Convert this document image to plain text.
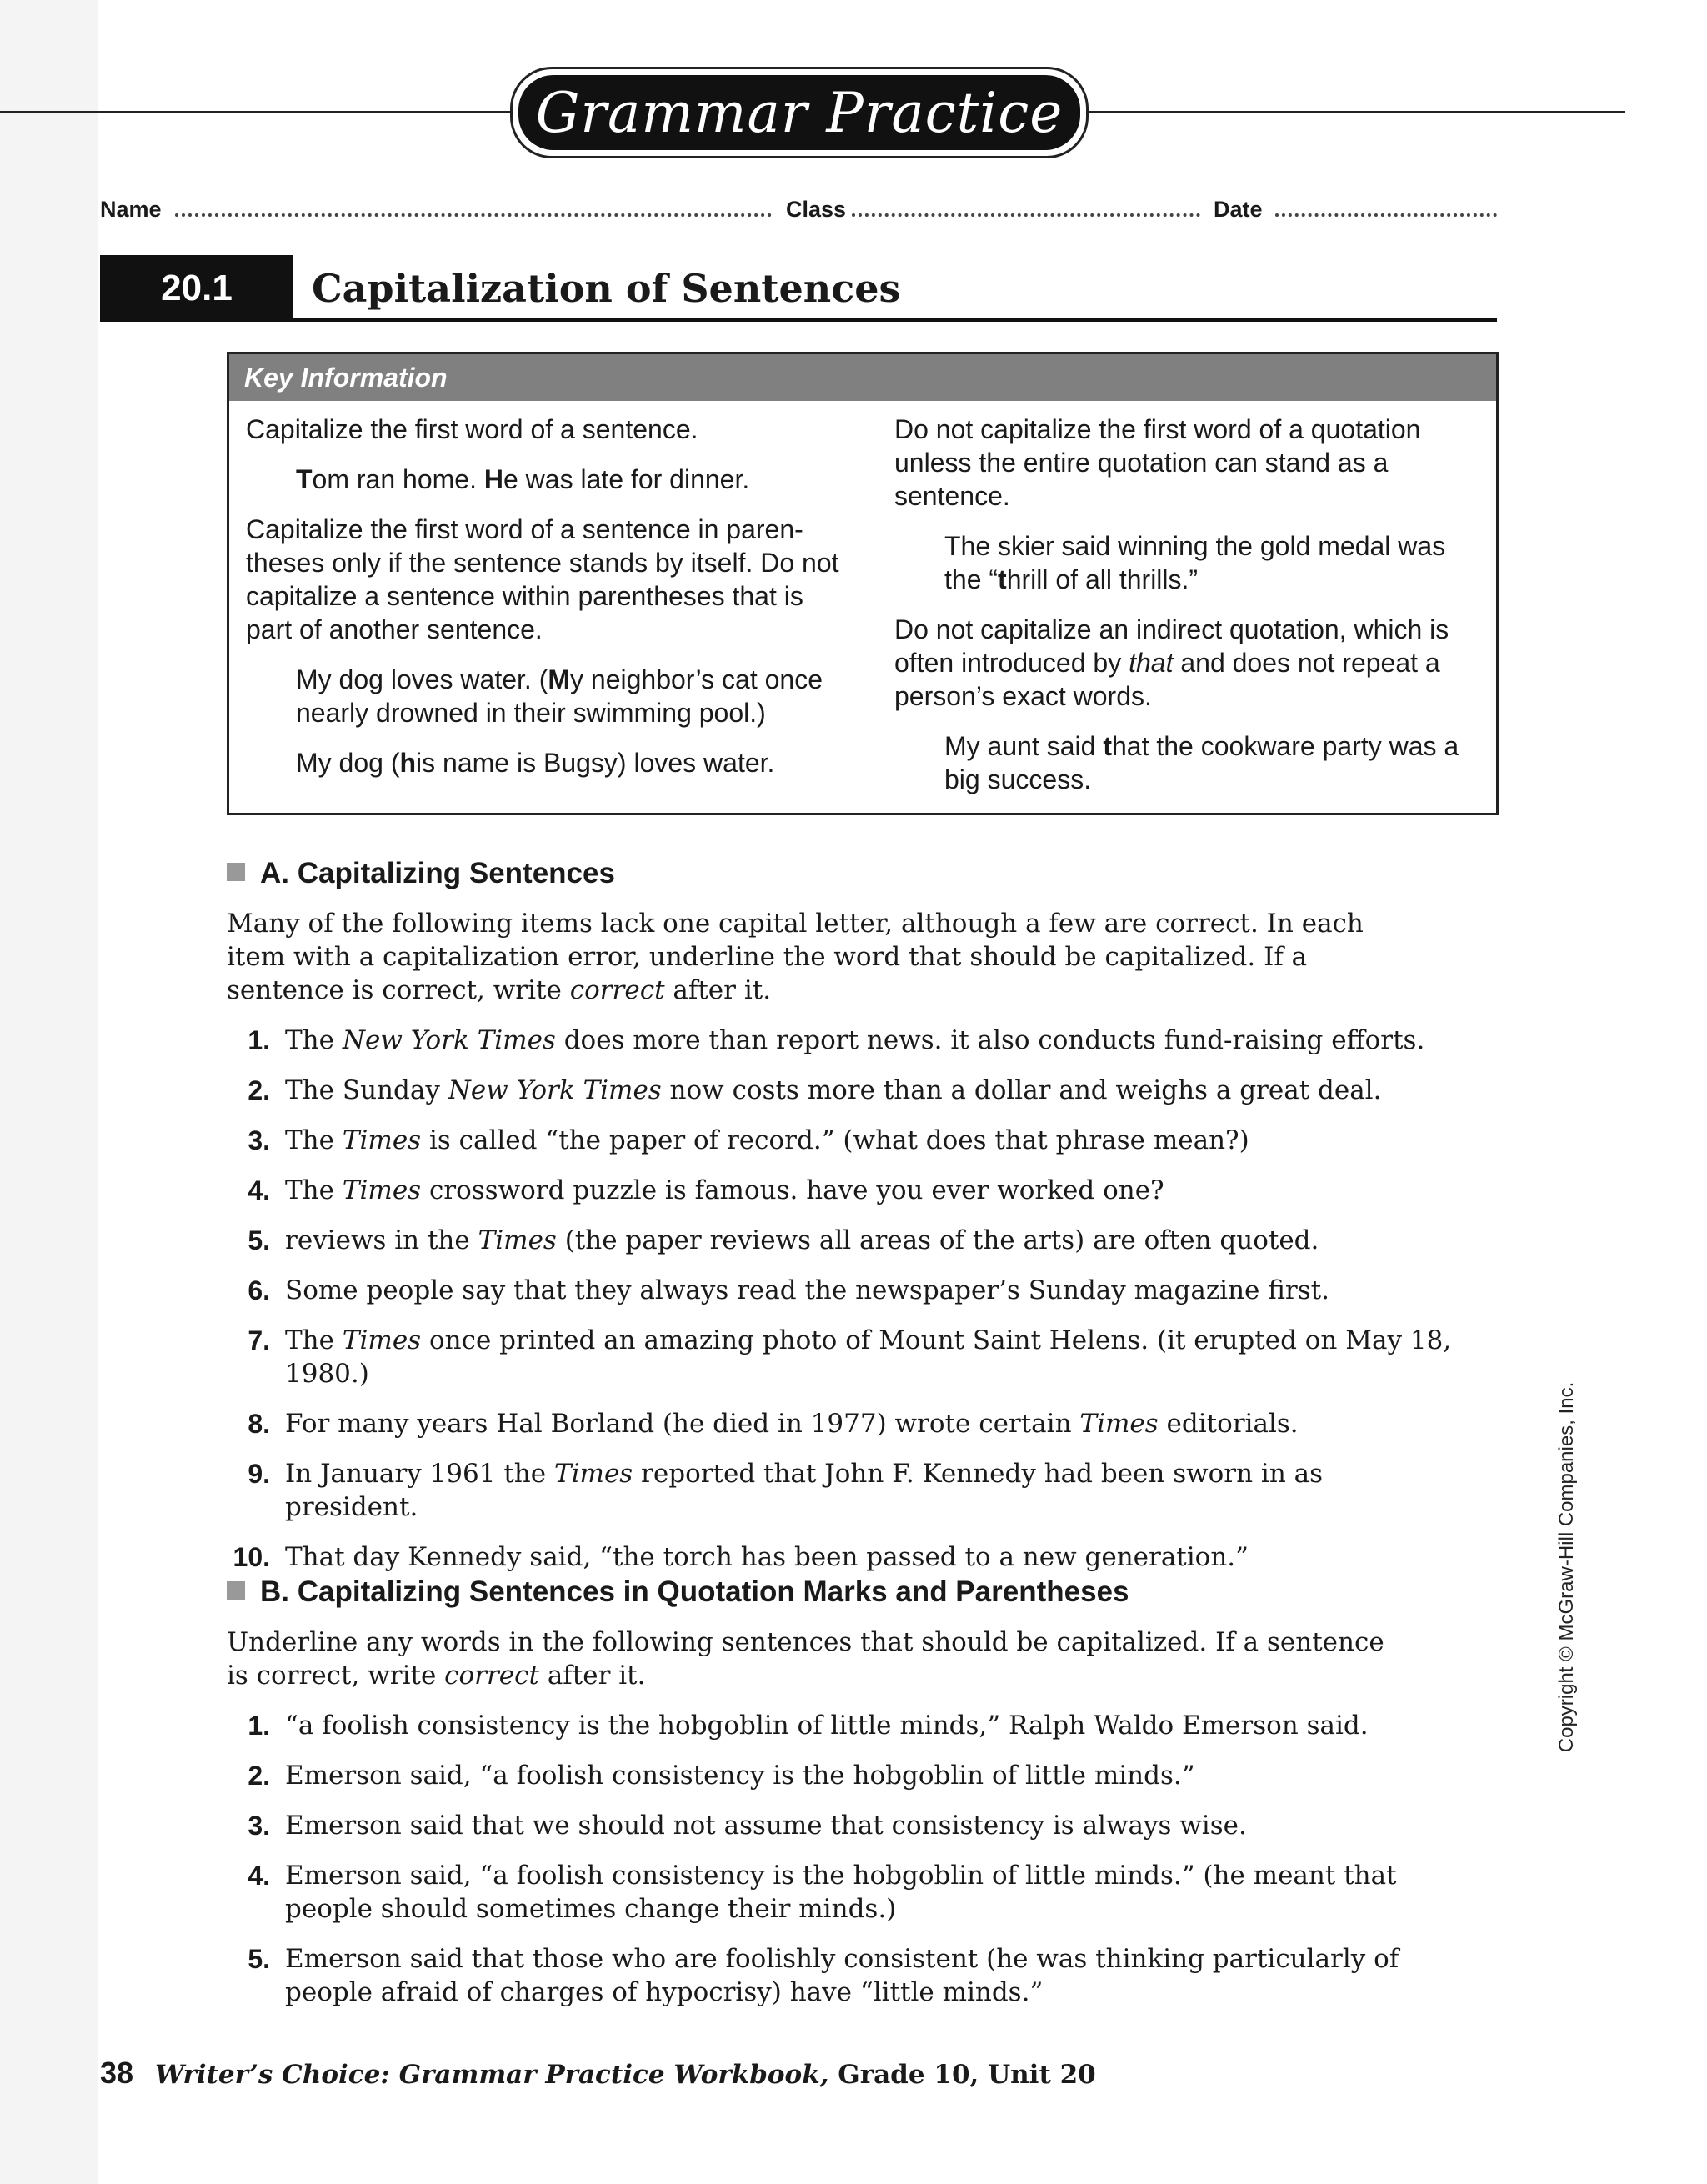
Grammar Practice
Name	Class	Date
20.1	Capitalization of Sentences
Key Information

Capitalize the first word of a sentence.

Tom ran home. He was late for dinner.

Capitalize the first word of a sentence in paren-theses only if the sentence stands by itself. Do not capitalize a sentence within parentheses that is part of another sentence.

My dog loves water. (My neighbor’s cat once nearly drowned in their swimming pool.)

My dog (his name is Bugsy) loves water.

Do not capitalize the first word of a quotation unless the entire quotation can stand as a sentence.

The skier said winning the gold medal was the “thrill of all thrills.”

Do not capitalize an indirect quotation, which is often introduced by that and does not repeat a person’s exact words.

My aunt said that the cookware party was a big success.

A. Capitalizing Sentences
Many of the following items lack one capital letter, although a few are correct. In each item with a capitalization error, underline the word that should be capitalized. If a sentence is correct, write correct after it.
1. The New York Times does more than report news. it also conducts fund-raising efforts.
2. The Sunday New York Times now costs more than a dollar and weighs a great deal.
3. The Times is called “the paper of record.” (what does that phrase mean?)
4. The Times crossword puzzle is famous. have you ever worked one?
5. reviews in the Times (the paper reviews all areas of the arts) are often quoted.
6. Some people say that they always read the newspaper’s Sunday magazine first.
7. The Times once printed an amazing photo of Mount Saint Helens. (it erupted on May 18, 1980.)
8. For many years Hal Borland (he died in 1977) wrote certain Times editorials.
9. In January 1961 the Times reported that John F. Kennedy had been sworn in as president.
10. That day Kennedy said, “the torch has been passed to a new generation.”
B. Capitalizing Sentences in Quotation Marks and Parentheses
Underline any words in the following sentences that should be capitalized. If a sentence is correct, write correct after it.
1. “a foolish consistency is the hobgoblin of little minds,” Ralph Waldo Emerson said.
2. Emerson said, “a foolish consistency is the hobgoblin of little minds.”
3. Emerson said that we should not assume that consistency is always wise.
4. Emerson said, “a foolish consistency is the hobgoblin of little minds.” (he meant that people should sometimes change their minds.)
5. Emerson said that those who are foolishly consistent (he was thinking particularly of people afraid of charges of hypocrisy) have “little minds.”
Copyright © McGraw-Hill Companies, Inc.
38 Writer’s Choice: Grammar Practice Workbook, Grade 10, Unit 20
